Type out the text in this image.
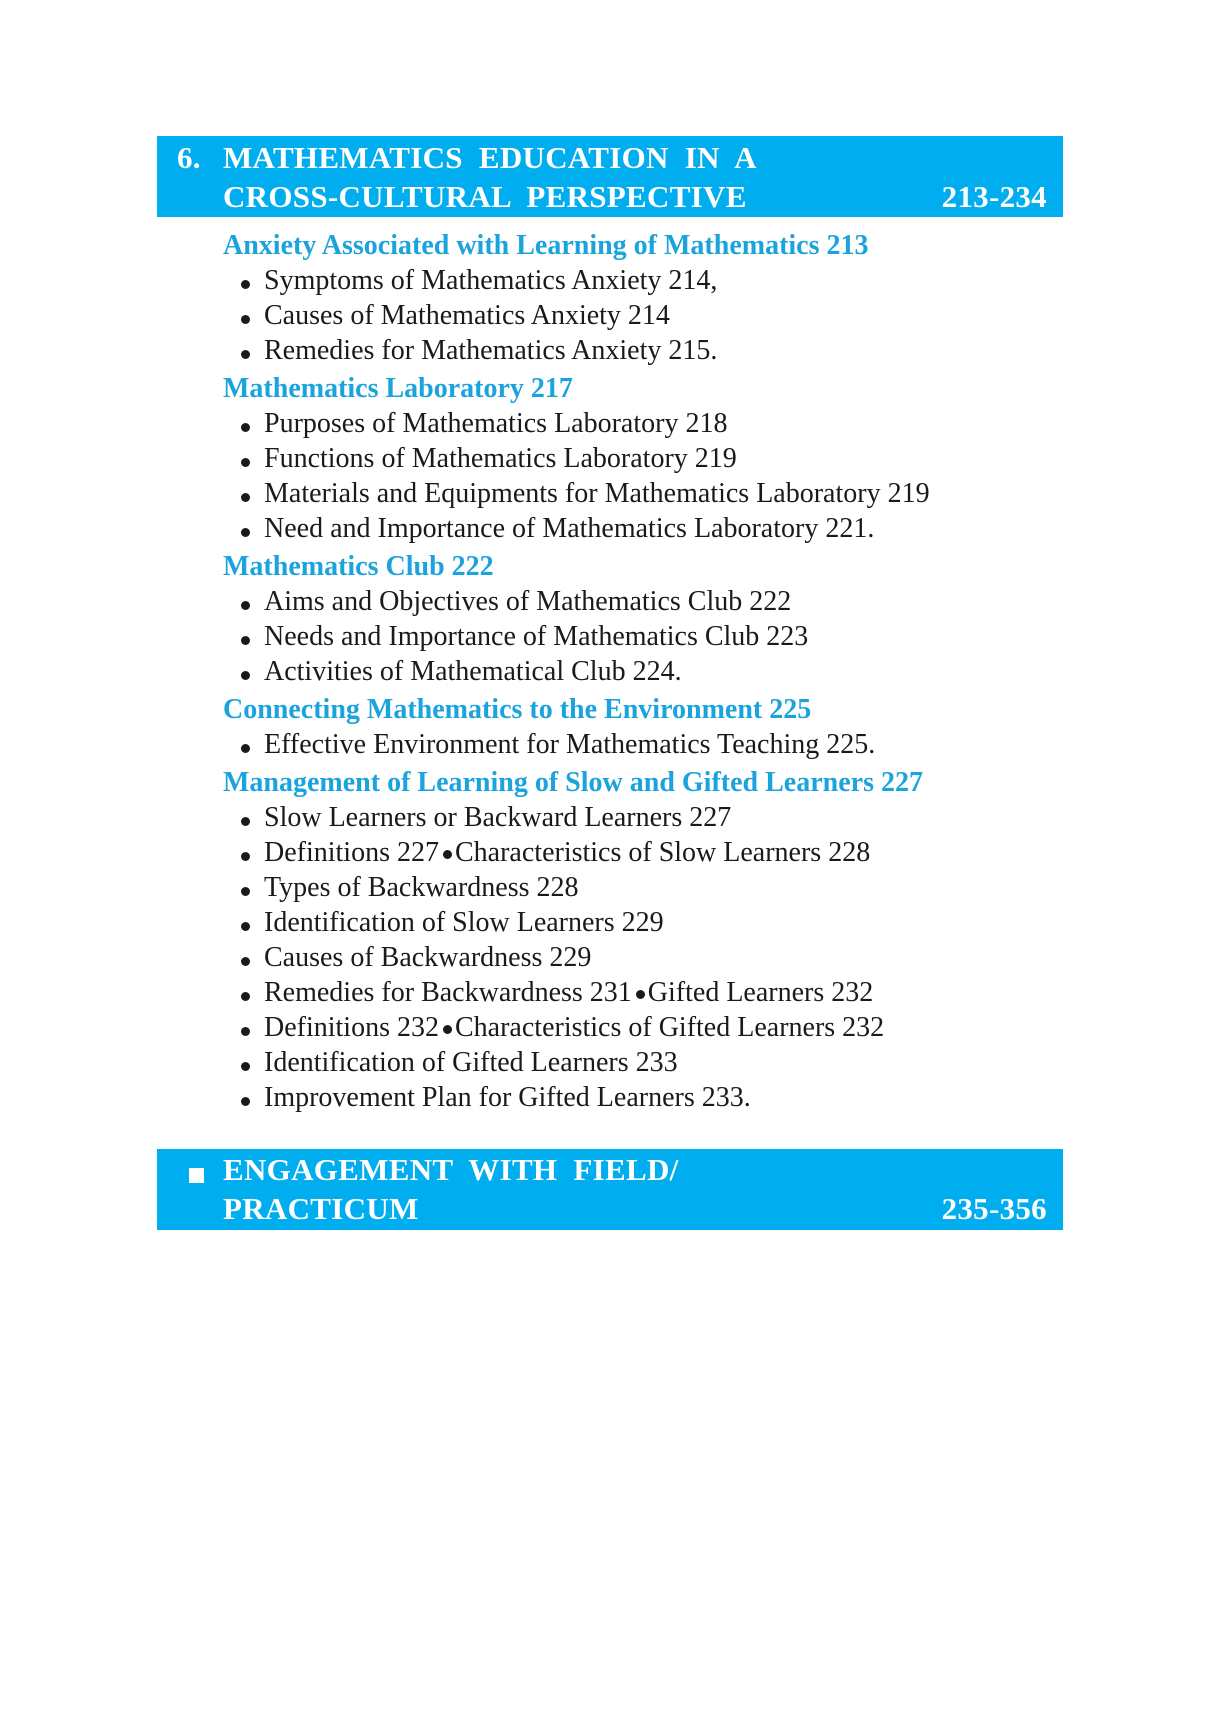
6. MATHEMATICS EDUCATION IN A
CROSS-CULTURAL PERSPECTIVE	213-234
Anxiety Associated with Learning of Mathematics 213
Symptoms of Mathematics Anxiety 214,
Causes of Mathematics Anxiety 214
Remedies for Mathematics Anxiety 215.
Mathematics Laboratory 217
Purposes of Mathematics Laboratory 218
Functions of Mathematics Laboratory 219
Materials and Equipments for Mathematics Laboratory 219
Need and Importance of Mathematics Laboratory 221.
Mathematics Club 222
Aims and Objectives of Mathematics Club 222
Needs and Importance of Mathematics Club 223
Activities of Mathematical Club 224.
Connecting Mathematics to the Environment 225
Effective Environment for Mathematics Teaching 225.
Management of Learning of Slow and Gifted Learners 227
Slow Learners or Backward Learners 227
Definitions 227 Characteristics of Slow Learners 228
Types of Backwardness 228
Identification of Slow Learners 229
Causes of Backwardness 229
Remedies for Backwardness 231 Gifted Learners 232
Definitions 232 Characteristics of Gifted Learners 232
Identification of Gifted Learners 233
Improvement Plan for Gifted Learners 233.
ENGAGEMENT WITH FIELD/
PRACTICUM	235-356
